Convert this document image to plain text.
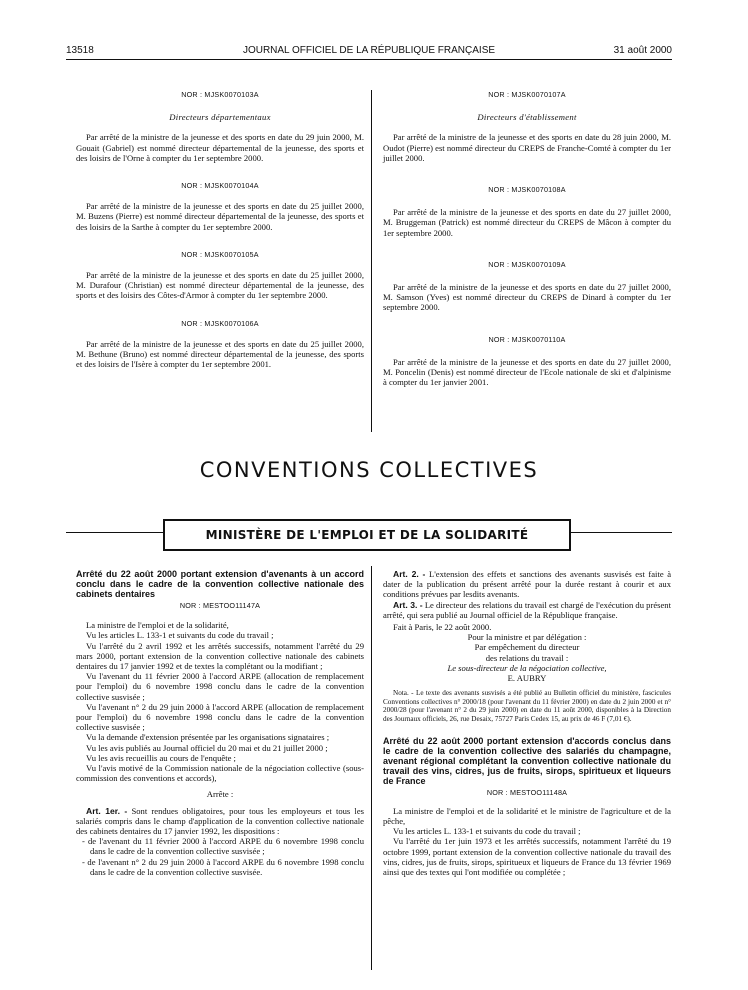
13518	JOURNAL OFFICIEL DE LA RÉPUBLIQUE FRANÇAISE	31 août 2000

NOR : MJSK0070103A

Directeurs départementaux

Par arrêté de la ministre de la jeunesse et des sports en date du 29 juin 2000, M. Gouait (Gabriel) est nommé directeur départemental de la jeunesse, des sports et des loisirs de l'Orne à compter du 1er septembre 2000.

NOR : MJSK0070104A

Par arrêté de la ministre de la jeunesse et des sports en date du 25 juillet 2000, M. Buzens (Pierre) est nommé directeur départemental de la jeunesse, des sports et des loisirs de la Sarthe à compter du 1er septembre 2000.

NOR : MJSK0070105A

Par arrêté de la ministre de la jeunesse et des sports en date du 25 juillet 2000, M. Durafour (Christian) est nommé directeur départemental de la jeunesse, des sports et des loisirs des Côtes-d'Armor à compter du 1er septembre 2000.

NOR : MJSK0070106A

Par arrêté de la ministre de la jeunesse et des sports en date du 25 juillet 2000, M. Bethune (Bruno) est nommé directeur départemental de la jeunesse, des sports et des loisirs de l'Isère à compter du 1er septembre 2001.

NOR : MJSK0070107A

Directeurs d'établissement

Par arrêté de la ministre de la jeunesse et des sports en date du 28 juin 2000, M. Oudot (Pierre) est nommé directeur du CREPS de Franche-Comté à compter du 1er juillet 2000.

NOR : MJSK0070108A

Par arrêté de la ministre de la jeunesse et des sports en date du 27 juillet 2000, M. Bruggeman (Patrick) est nommé directeur du CREPS de Mâcon à compter du 1er septembre 2000.

NOR : MJSK0070109A

Par arrêté de la ministre de la jeunesse et des sports en date du 27 juillet 2000, M. Samson (Yves) est nommé directeur du CREPS de Dinard à compter du 1er septembre 2000.

NOR : MJSK0070110A

Par arrêté de la ministre de la jeunesse et des sports en date du 27 juillet 2000, M. Poncelin (Denis) est nommé directeur de l'Ecole nationale de ski et d'alpinisme à compter du 1er janvier 2001.

CONVENTIONS COLLECTIVES
MINISTÈRE DE L'EMPLOI ET DE LA SOLIDARITÉ

Arrêté du 22 août 2000 portant extension d'avenants à un accord conclu dans le cadre de la convention collective nationale des cabinets dentaires

NOR : MESTOO11147A

La ministre de l'emploi et de la solidarité,

Vu les articles L. 133-1 et suivants du code du travail ;

Vu l'arrêté du 2 avril 1992 et les arrêtés successifs, notamment l'arrêté du 29 mars 2000, portant extension de la convention collective nationale des cabinets dentaires du 17 janvier 1992 et de textes la complétant ou la modifiant ;

Vu l'avenant du 11 février 2000 à l'accord ARPE (allocation de remplacement pour l'emploi) du 6 novembre 1998 conclu dans le cadre de la convention collective susvisée ;

Vu l'avenant n° 2 du 29 juin 2000 à l'accord ARPE (allocation de remplacement pour l'emploi) du 6 novembre 1998 conclu dans le cadre de la convention collective susvisée ;

Vu la demande d'extension présentée par les organisations signataires ;

Vu les avis publiés au Journal officiel du 20 mai et du 21 juillet 2000 ;

Vu les avis recueillis au cours de l'enquête ;

Vu l'avis motivé de la Commission nationale de la négociation collective (sous-commission des conventions et accords),

Arrête :

Art. 1er. - Sont rendues obligatoires, pour tous les employeurs et tous les salariés compris dans le champ d'application de la convention collective nationale des cabinets dentaires du 17 janvier 1992, les dispositions :

- de l'avenant du 11 février 2000 à l'accord ARPE du 6 novembre 1998 conclu dans le cadre de la convention collective susvisée ;

- de l'avenant n° 2 du 29 juin 2000 à l'accord ARPE du 6 novembre 1998 conclu dans le cadre de la convention collective susvisée.

Art. 2. - L'extension des effets et sanctions des avenants susvisés est faite à dater de la publication du présent arrêté pour la durée restant à courir et aux conditions prévues par lesdits avenants.

Art. 3. - Le directeur des relations du travail est chargé de l'exécution du présent arrêté, qui sera publié au Journal officiel de la République française.

Fait à Paris, le 22 août 2000.

Pour la ministre et par délégation :

Par empêchement du directeur

des relations du travail :

Le sous-directeur de la négociation collective,

E. AUBRY

Nota. - Le texte des avenants susvisés a été publié au Bulletin officiel du ministère, fascicules Conventions collectives n° 2000/18 (pour l'avenant du 11 février 2000) en date du 2 juin 2000 et n° 2000/28 (pour l'avenant n° 2 du 29 juin 2000) en date du 11 août 2000, disponibles à la Direction des Journaux officiels, 26, rue Desaix, 75727 Paris Cedex 15, au prix de 46 F (7,01 €).

Arrêté du 22 août 2000 portant extension d'accords conclus dans le cadre de la convention collective des salariés du champagne, avenant régional complétant la convention collective nationale du travail des vins, cidres, jus de fruits, sirops, spiritueux et liqueurs de France

NOR : MESTOO11148A

La ministre de l'emploi et de la solidarité et le ministre de l'agriculture et de la pêche,

Vu les articles L. 133-1 et suivants du code du travail ;

Vu l'arrêté du 1er juin 1973 et les arrêtés successifs, notamment l'arrêté du 19 octobre 1999, portant extension de la convention collective nationale du travail des vins, cidres, jus de fruits, sirops, spiritueux et liqueurs de France du 13 février 1969 ainsi que des textes qui l'ont modifiée ou complétée ;
